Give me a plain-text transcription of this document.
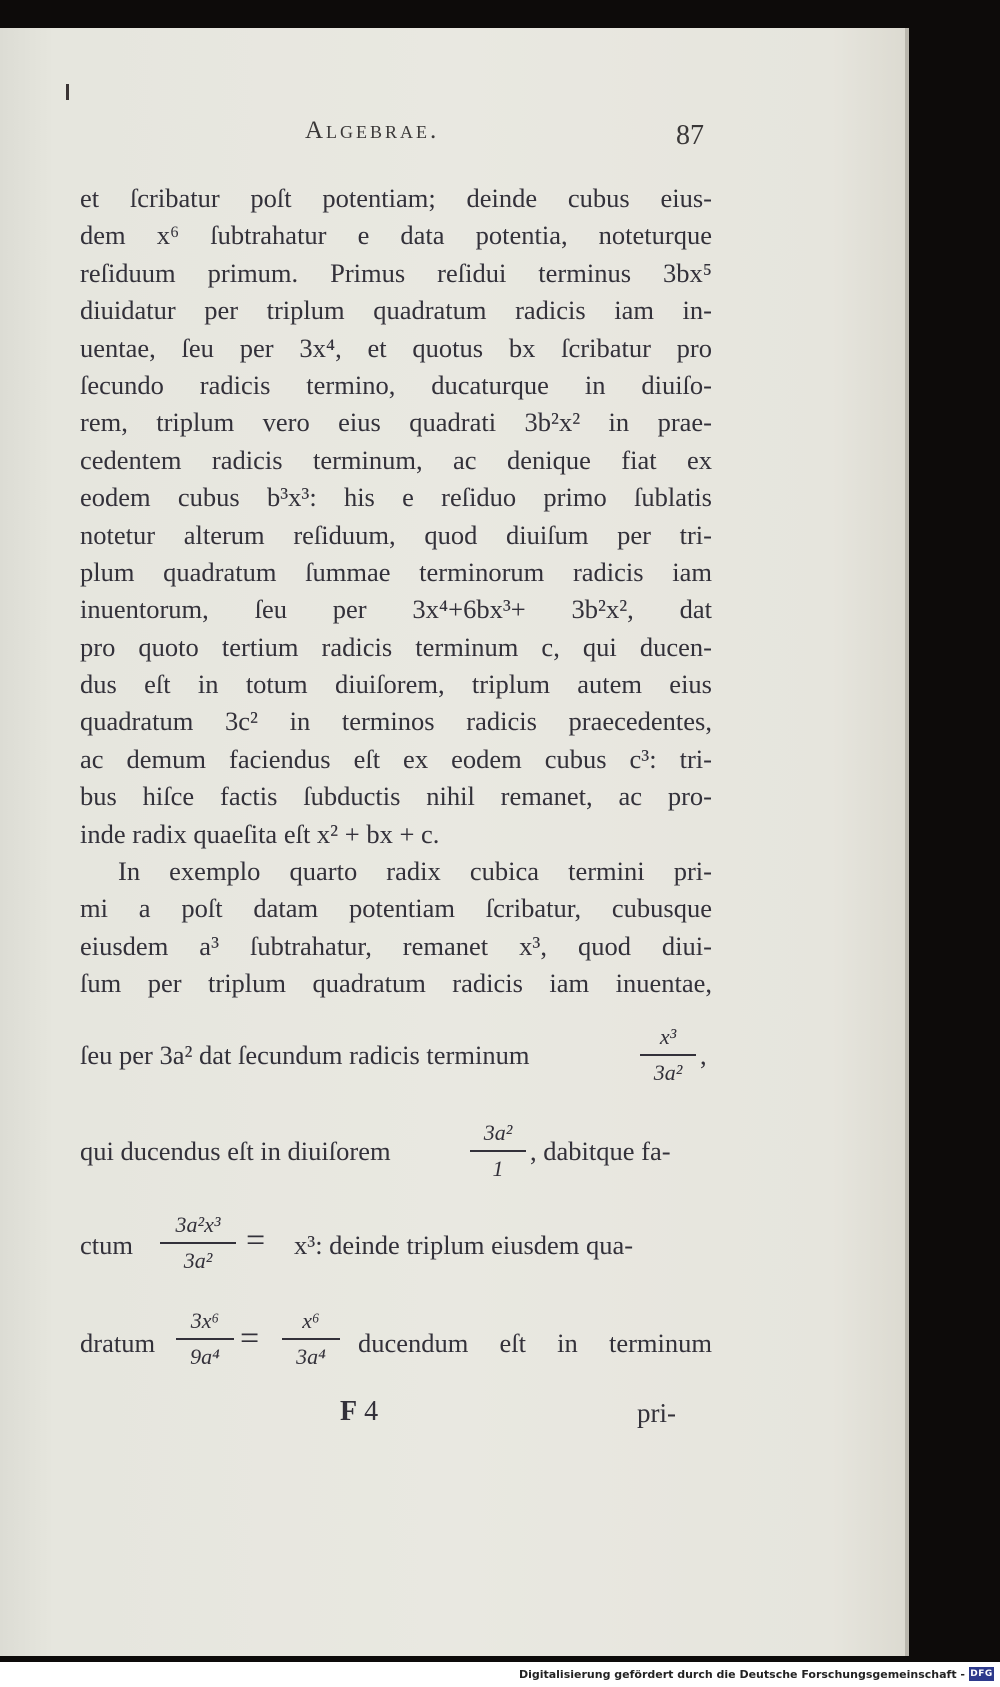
Algebrae.	87
et ſcribatur poſt potentiam; deinde cubus eius-
dem x⁶ ſubtrahatur e data potentia, noteturque
reſiduum primum. Primus reſidui terminus 3bx⁵
diuidatur per triplum quadratum radicis iam in-
uentae, ſeu per 3x⁴, et quotus bx ſcribatur pro
ſecundo radicis termino, ducaturque in diuiſo-
rem, triplum vero eius quadrati 3b²x² in prae-
cedentem radicis terminum, ac denique fiat ex
eodem cubus b³x³: his e reſiduo primo ſublatis
notetur alterum reſiduum, quod diuiſum per tri-
plum quadratum ſummae terminorum radicis iam
inuentorum, ſeu per 3x⁴+6bx³+ 3b²x², dat
pro quoto tertium radicis terminum c, qui ducen-
dus eſt in totum diuiſorem, triplum autem eius
quadratum 3c² in terminos radicis praecedentes,
ac demum faciendus eſt ex eodem cubus c³: tri-
bus hiſce factis ſubductis nihil remanet, ac pro-
inde radix quaeſita eſt x² + bx + c.
In exemplo quarto radix cubica termini pri-
mi a poſt datam potentiam ſcribatur, cubusque
eiusdem a³ ſubtrahatur, remanet x³, quod diui-
ſum per triplum quadratum radicis iam inuentae,
ſeu per 3a² dat ſecundum radicis terminum
x³
3a²
,
qui ducendus eſt in diuiſorem
3a²
1
, dabitque fa-
ctum
3a²x³
3a²
= x³: deinde triplum eiusdem qua-
dratum
3x⁶
9a⁴ =	x⁶
3a⁴	ducendum eſt in terminum
F 4	pri-
Digitalisierung gefördert durch die Deutsche Forschungsgemeinschaft - DFG
